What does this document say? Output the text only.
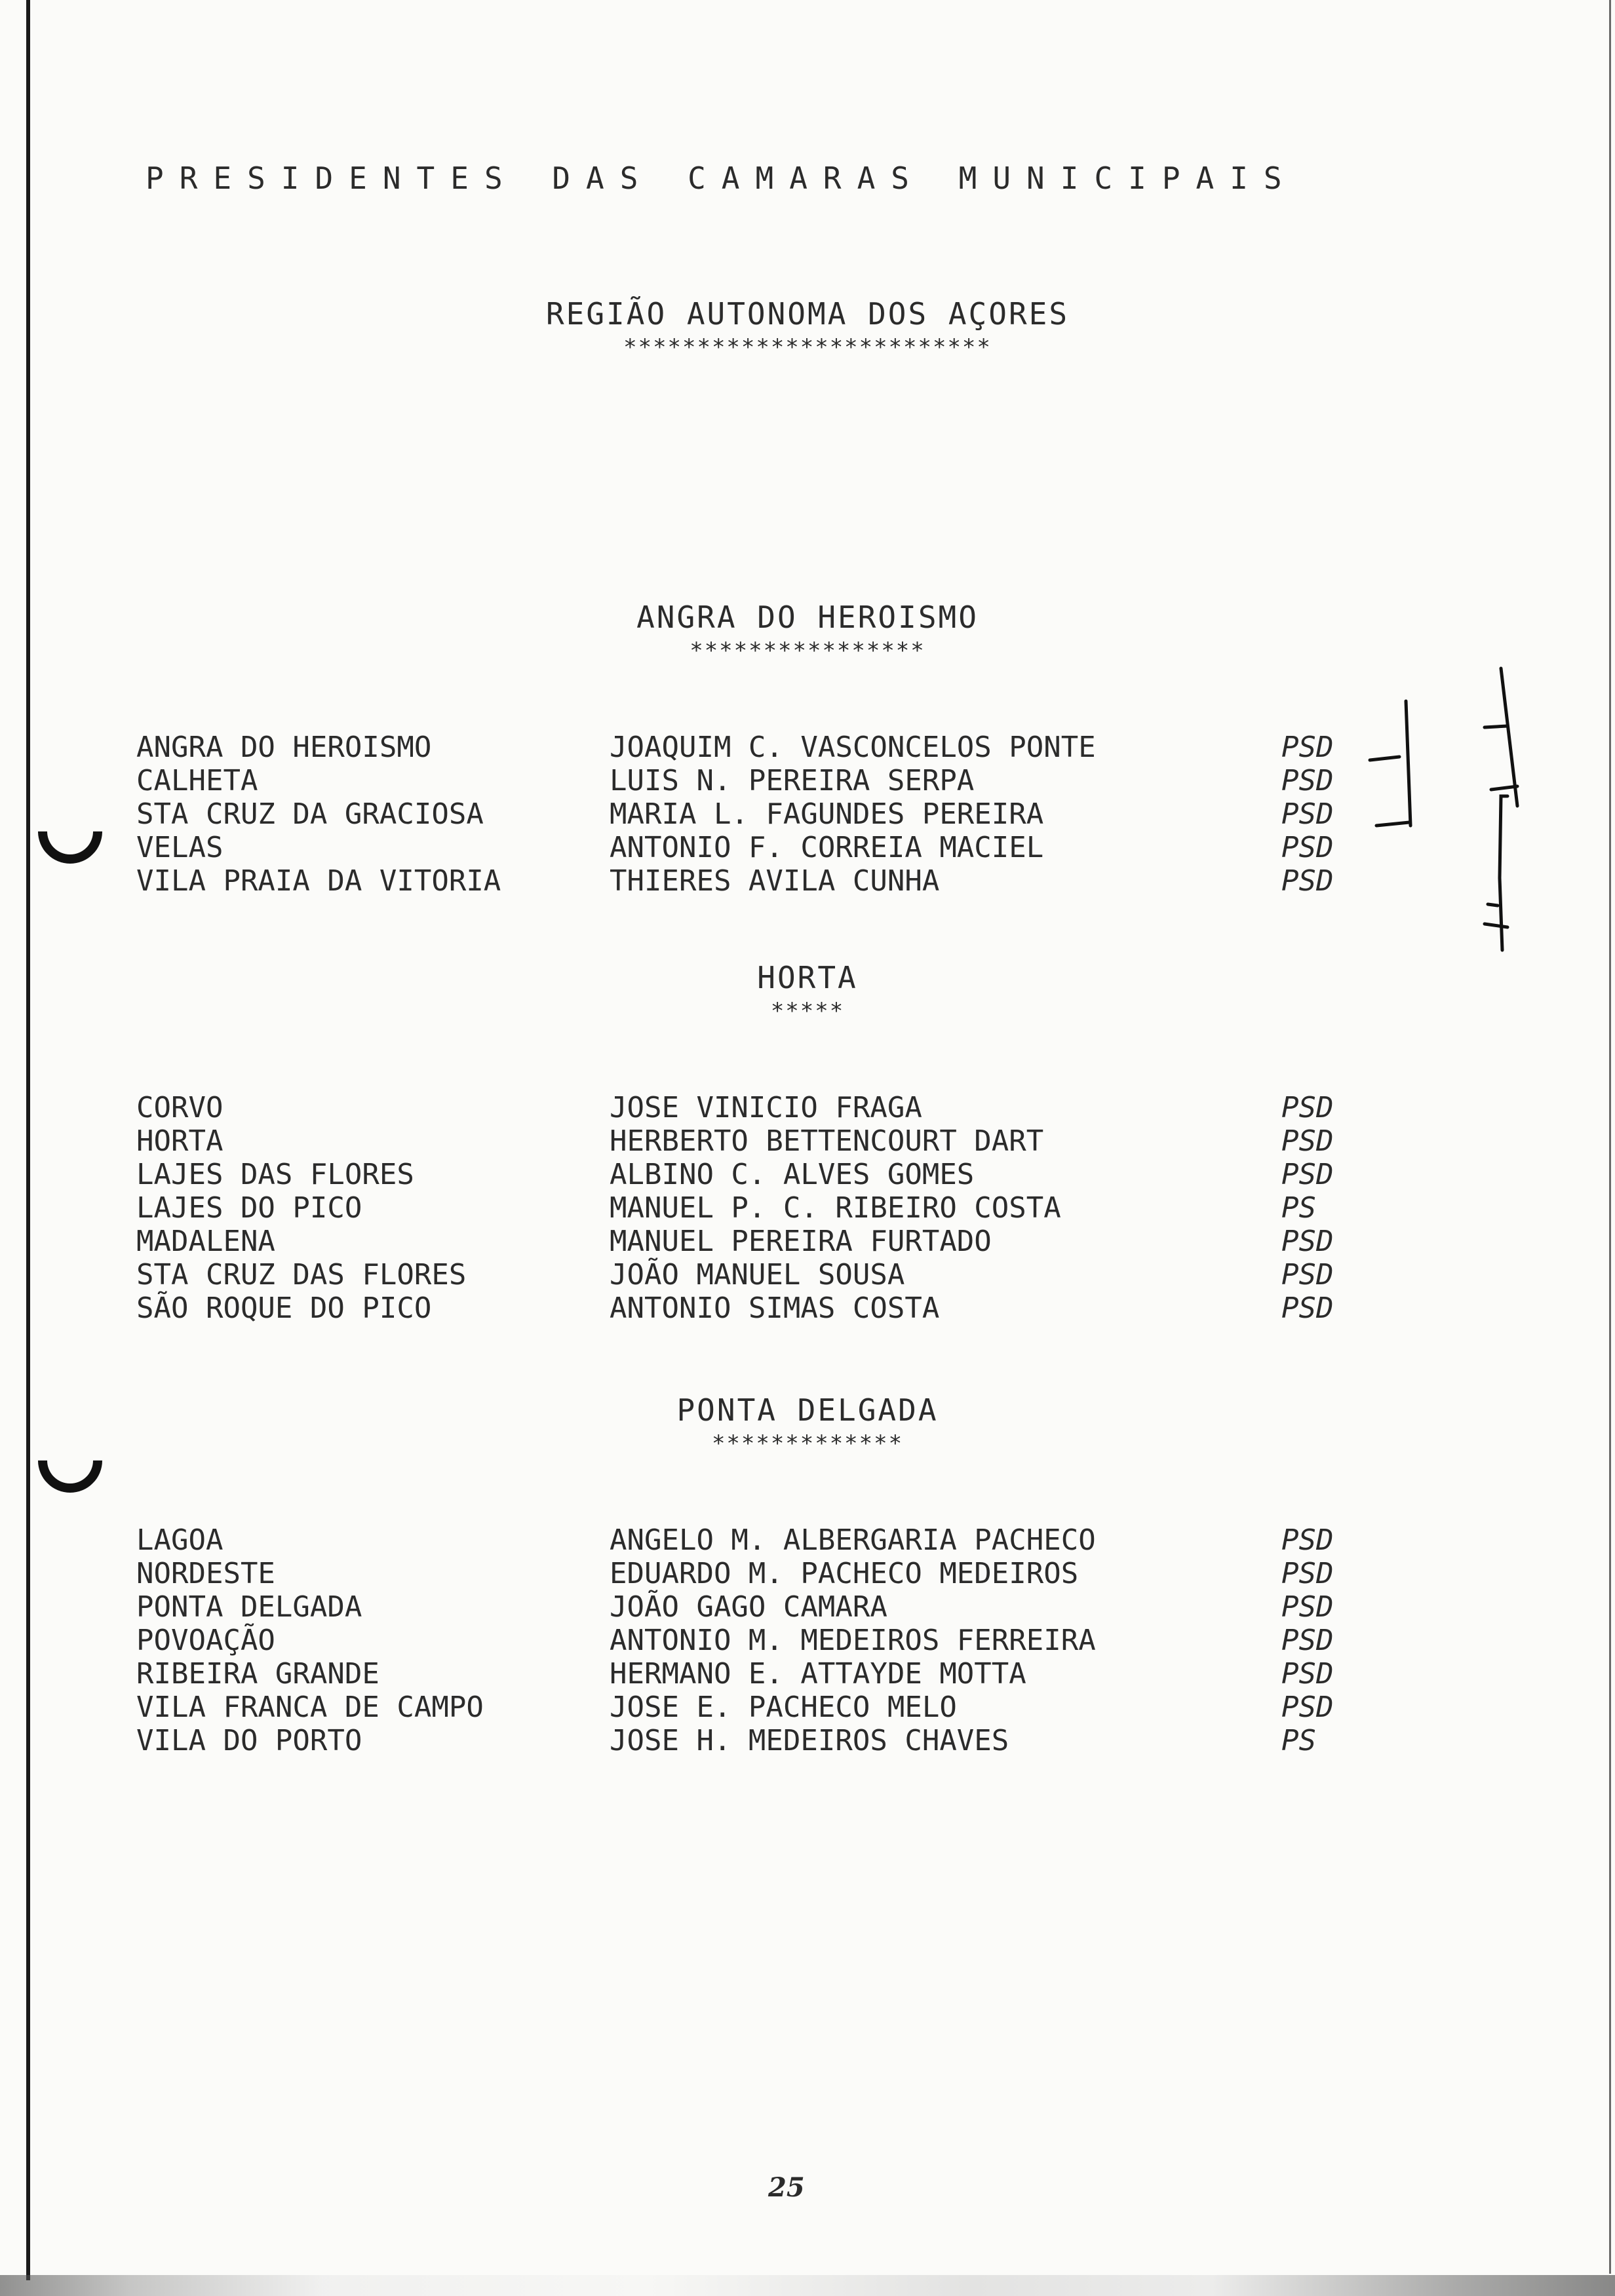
PRESIDENTES DAS CAMARAS MUNICIPAIS
REGIÃO AUTONOMA DOS AÇORES
*************************
ANGRA DO HEROISMO
****************
ANGRA DO HEROISMO	JOAQUIM C. VASCONCELOS PONTE	PSD
CALHETA	LUIS N. PEREIRA SERPA	PSD
STA CRUZ DA GRACIOSA	MARIA L. FAGUNDES PEREIRA	PSD
VELAS	ANTONIO F. CORREIA MACIEL	PSD
VILA PRAIA DA VITORIA	THIERES AVILA CUNHA	PSD
HORTA
*****
CORVO	JOSE VINICIO FRAGA	PSD
HORTA	HERBERTO BETTENCOURT DART	PSD
LAJES DAS FLORES	ALBINO C. ALVES GOMES	PSD
LAJES DO PICO	MANUEL P. C. RIBEIRO COSTA	PS
MADALENA	MANUEL PEREIRA FURTADO	PSD
STA CRUZ DAS FLORES	JOÃO MANUEL SOUSA	PSD
SÃO ROQUE DO PICO	ANTONIO SIMAS COSTA	PSD
PONTA DELGADA
*************
LAGOA	ANGELO M. ALBERGARIA PACHECO	PSD
NORDESTE	EDUARDO M. PACHECO MEDEIROS	PSD
PONTA DELGADA	JOÃO GAGO CAMARA	PSD
POVOAÇÃO	ANTONIO M. MEDEIROS FERREIRA	PSD
RIBEIRA GRANDE	HERMANO E. ATTAYDE MOTTA	PSD
VILA FRANCA DE CAMPO	JOSE E. PACHECO MELO	PSD
VILA DO PORTO	JOSE H. MEDEIROS CHAVES	PS
25
